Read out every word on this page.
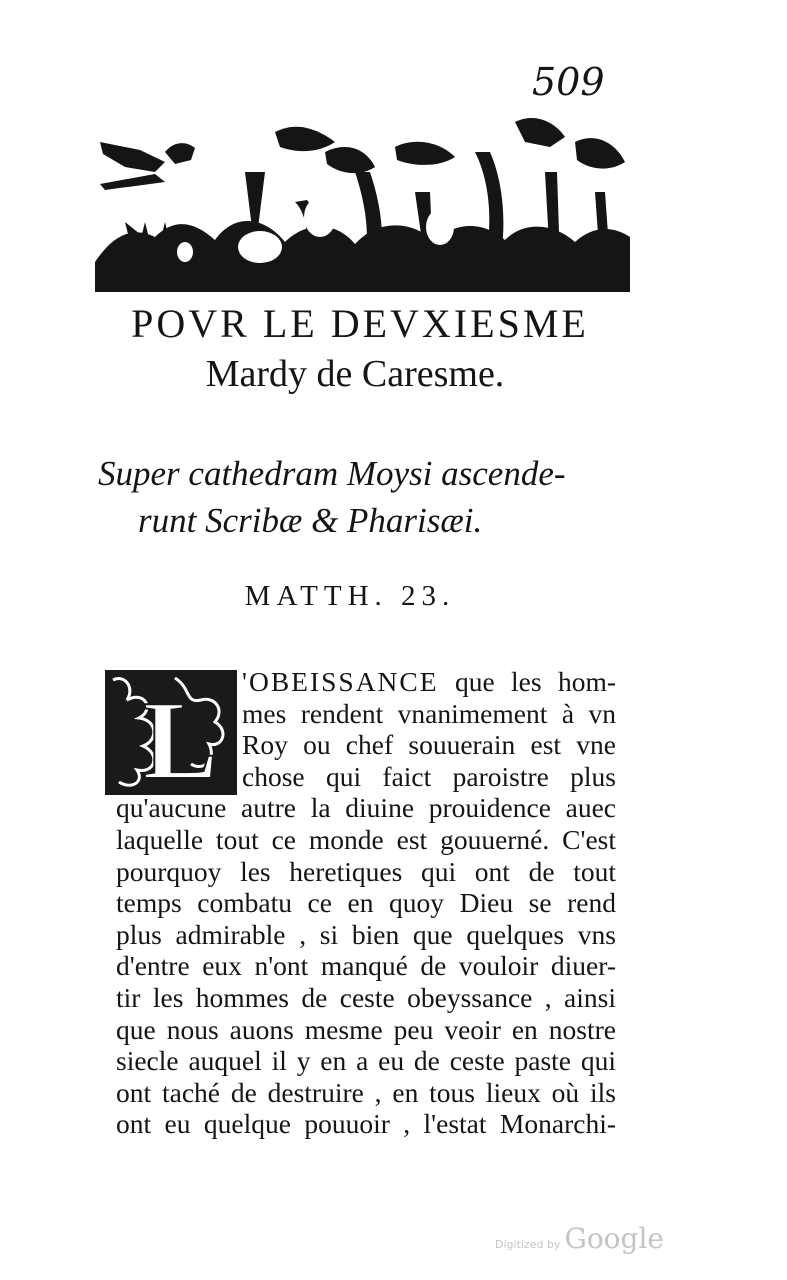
509
POVR LE DEVXIESME
Mardy de Caresme.
Super cathedram Moysi ascende-
runt Scribæ & Pharisæi.
MATTH. 23.
L 'OBEISSANCE que les hom-
mes rendent vnanimement à vn
Roy ou chef souuerain est vne
chose qui faict paroistre plus
qu'aucune autre la diuine prouidence auec
laquelle tout ce monde est gouuerné. C'est
pourquoy les heretiques qui ont de tout
temps combatu ce en quoy Dieu se rend
plus admirable , si bien que quelques vns
d'entre eux n'ont manqué de vouloir diuer-
tir les hommes de ceste obeyssance , ainsi
que nous auons mesme peu veoir en nostre
siecle auquel il y en a eu de ceste paste qui
ont taché de destruire , en tous lieux où ils
ont eu quelque pouuoir , l'estat Monarchi-
Digitized by Google
